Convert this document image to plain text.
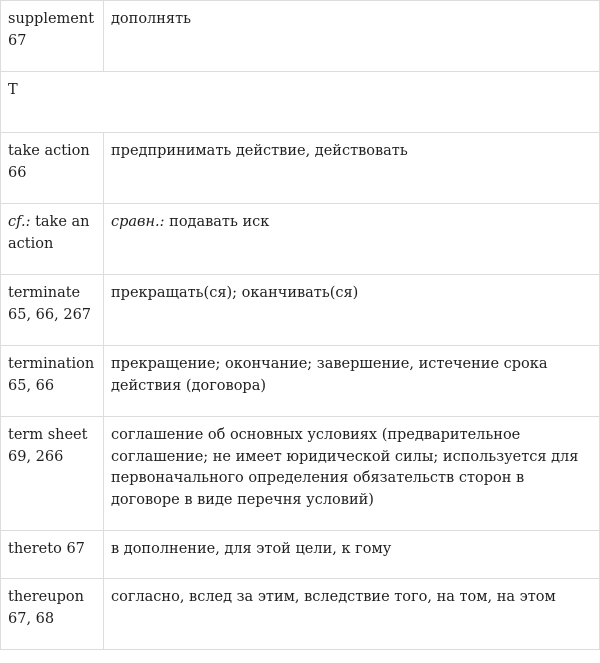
supplement
67	дополнять
T	
take action
66	предпринимать действие, действовать
cf.: take an action	сравн.: подавать иск
terminate
65, 66, 267	прекращать(ся); оканчивать(ся)
termination
65, 66	прекращение; окончание; завершение, истечение срока действия (договора)
term sheet
69, 266	соглашение об основных условиях (предварительное соглашение; не имеет юридической силы; используется для первоначального определения обязательств сторон в договоре в виде перечня условий)
thereto 67	в дополнение, для этой цели, к гому
thereupon
67, 68	согласно, вслед за этим, вследствие того, на том, на этом
